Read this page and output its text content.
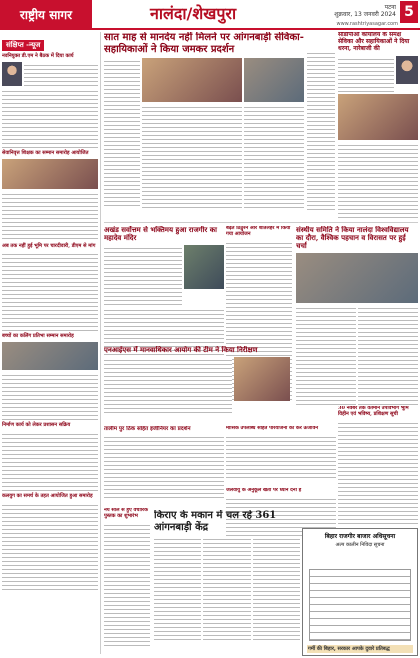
राष्ट्रीय सागर	नालंदा/शेखपुरा	पटना
शुक्रवार, 13 जनवरी 2024 5
www.rashtriyasagar.com
संक्षिप्त -न्यूज
नवनियुक्त डी.एम ने बैठक में दिया कार्य
सेवानिवृत्त शिक्षक का सम्मान समारोह आयोजित
अब तक नहीं हुई भूमि पर चारदीवारी, डीएम से मांग
बच्चों का कलिंग प्रतिभा सम्मान समारोह
निर्माण कार्य को लेकर प्रशासन सक्रिय
कलयुग का समर्थ के तहत आयोजित हुआ समारोह
सात माह से मानदेय नहीं मिलने पर आंगनबाड़ी सेविका-सहायिकाओं ने किया जमकर प्रदर्शन
सीडीपीओ कार्यालय के समक्ष सेविका और सहायिकाओं ने दिया धरना, नारेबाजी की
अखंड सर्वोत्तम से भक्तिमय हुआ राजगीर का महादेव मंदिर
बढ़ते ठिठुरन और शीतलहर में किया गया आयोजन	संस्थीय समिति ने किया नालंदा विश्वविद्यालय का दौरा, वैश्विक पहचान व विरासत पर हुई चर्चा
एनआईएस में मानवाधिकार आयोग की टीम ने किया निरीक्षण
30 नवंबर तक वर्तमान उपविभाग भूमि विहीन एवं भविष्य, प्रशिक्षण सूची
तालीम पुर ठिक सहित इंजीनियर का प्रदर्शन	मासिक उपलब्धि सहित परियोजना को करें ऊर्जावन
जलवायु के अनुकूल खेती पर ध्यान देना है
नये साल से हुए वैचारिक पुस्तक का शुभारंभ	किराए के मकान में चल रहे 361 आंगनबाड़ी केंद्र
बिहार राजगीर बाजार अधिसूचना
अल्प कालीन निविदा सूचना
गर्मी की बिहार, सरकार आपके दुवारे प्रतिबद्ध
